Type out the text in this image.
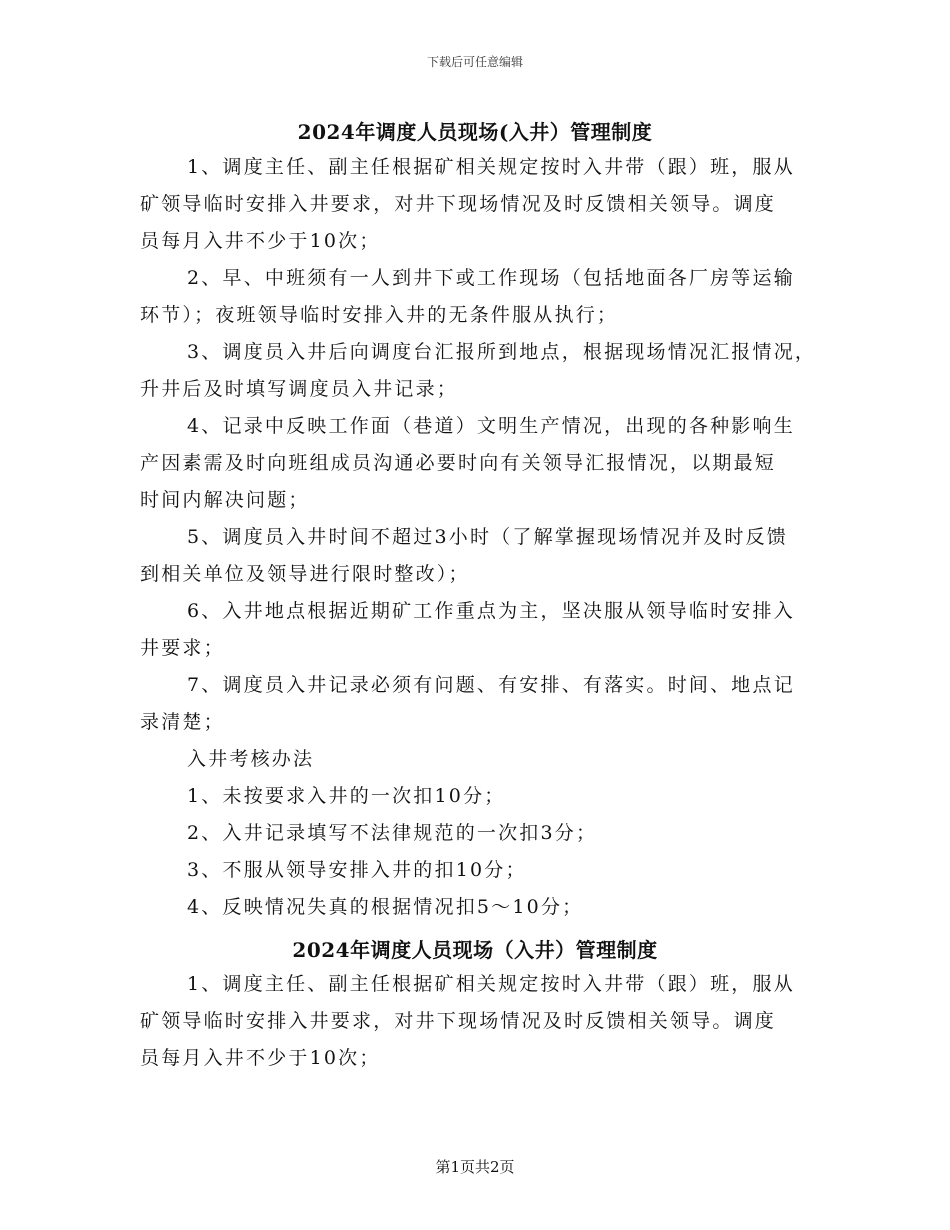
下载后可任意编辑
2024年调度人员现场(入井）管理制度
1、调度主任、副主任根据矿相关规定按时入井带（跟）班，服从
矿领导临时安排入井要求，对井下现场情况及时反馈相关领导。调度
员每月入井不少于10次；
2、早、中班须有一人到井下或工作现场（包括地面各厂房等运输
环节）；夜班领导临时安排入井的无条件服从执行；
3、调度员入井后向调度台汇报所到地点，根据现场情况汇报情况，
升井后及时填写调度员入井记录；
4、记录中反映工作面（巷道）文明生产情况，出现的各种影响生
产因素需及时向班组成员沟通必要时向有关领导汇报情况，以期最短
时间内解决问题；
5、调度员入井时间不超过3小时（了解掌握现场情况并及时反馈
到相关单位及领导进行限时整改）；
6、入井地点根据近期矿工作重点为主，坚决服从领导临时安排入
井要求；
7、调度员入井记录必须有问题、有安排、有落实。时间、地点记
录清楚；
入井考核办法
1、未按要求入井的一次扣10分；
2、入井记录填写不法律规范的一次扣3分；
3、不服从领导安排入井的扣10分；
4、反映情况失真的根据情况扣5～10分；
2024年调度人员现场（入井）管理制度
1、调度主任、副主任根据矿相关规定按时入井带（跟）班，服从
矿领导临时安排入井要求，对井下现场情况及时反馈相关领导。调度
员每月入井不少于10次；
第1页共2页
